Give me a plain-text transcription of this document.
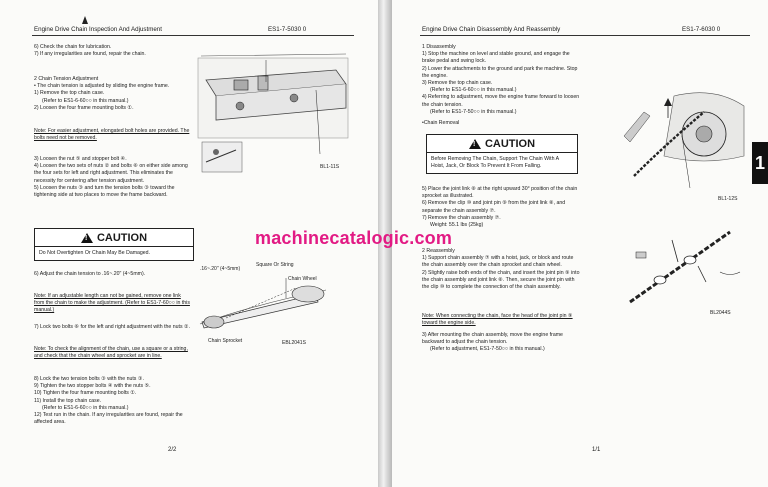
Engine Drive Chain Inspection And Adjustment	ES1-7-5030 0

6) Check the chain for lubrication.

7) If any irregularities are found, repair the chain.

2 Chain Tension Adjustment

• The chain tension is adjusted by sliding the engine frame.

1) Remove the top chain case.

(Refer to ES1-6-60○○ in this manual.)

2) Loosen the four frame mounting bolts ①.

Note: For easier adjustment, elongated bolt holes are provided. The bolts need not be removed.

3) Loosen the nut ⑤ and stopper bolt ④.

4) Loosen the two sets of nuts ② and bolts ⑥ on either side among the four sets for left and right adjustment. This eliminates the necessity for centering after tension adjustment.

5) Loosen the nuts ③ and turn the tension bolts ③ toward the tightening side at two places to move the frame backward.

BL1-11S
! CAUTION
Do Not Overtighten Or Chain May Be Damaged.
6) Adjust the chain tension to .16~.20" (4~5mm).
Note: If an adjustable length can not be gained, remove one link from the chain to make the adjustment. (Refer to ES1-7-60○○ in this manual.)
7) Lock two bolts ⑥ for the left and right adjustment with the nuts ②.
Note: To check the alignment of the chain, use a square or a string, and check that the chain wheel and sprocket are in line.

8) Lock the two tension bolts ③ with the nuts ③.

9) Tighten the two stopper bolts ④ with the nuts ⑤.

10) Tighten the four frame mounting bolts ①.

11) Install the top chain case.

(Refer to ES1-6-60○○ in this manual.)

12) Test run in the chain. If any irregularities are found, repair the affected area.

.16~.20" (4~5mm)
Square Or String
Chain Wheel
Chain Sprocket	EBL2041S
2/2
Engine Drive Chain Disassembly And Reassembly	ES1-7-6030 0

1 Disassembly

1) Stop the machine on level and stable ground, and engage the brake pedal and swing lock.

2) Lower the attachments to the ground and park the machine. Stop the engine.

3) Remove the top chain case.

(Refer to ES1-6-60○○ in this manual.)

4) Referring to adjustment, move the engine frame forward to loosen the chain tension.

(Refer to ES1-7-50○○ in this manual.)

•Chain Removal
! CAUTION
Before Removing The Chain, Support The Chain With A Hoist, Jack, Or Block To Prevent It From Falling.
BL1-12S

5) Place the joint link ⑧ at the right upward 30° position of the chain sprocket as illustrated.

6) Remove the clip ⑩ and joint pin ⑨ from the joint link ⑧, and separate the chain assembly ⑦.

7) Remove the chain assembly ⑦.

Weight: 55.1 lbs (25kg)

2 Reassembly

1) Support chain assembly ⑦ with a hoist, jack, or block and route the chain assembly over the chain sprocket and chain wheel.

2) Slightly raise both ends of the chain, and insert the joint pin ⑨ into the chain assembly and joint link ⑧. Then, secure the joint pin with the clip ⑩ to complete the connection of the chain assembly.

BL2044S
Note: When connecting the chain, face the head of the joint pin ⑨ toward the engine side.

3) After mounting the chain assembly, move the engine frame backward to adjust the chain tension.

(Refer to adjustment, ES1-7-50○○ in this manual.)

1/1
1
machinecatalogic.com
